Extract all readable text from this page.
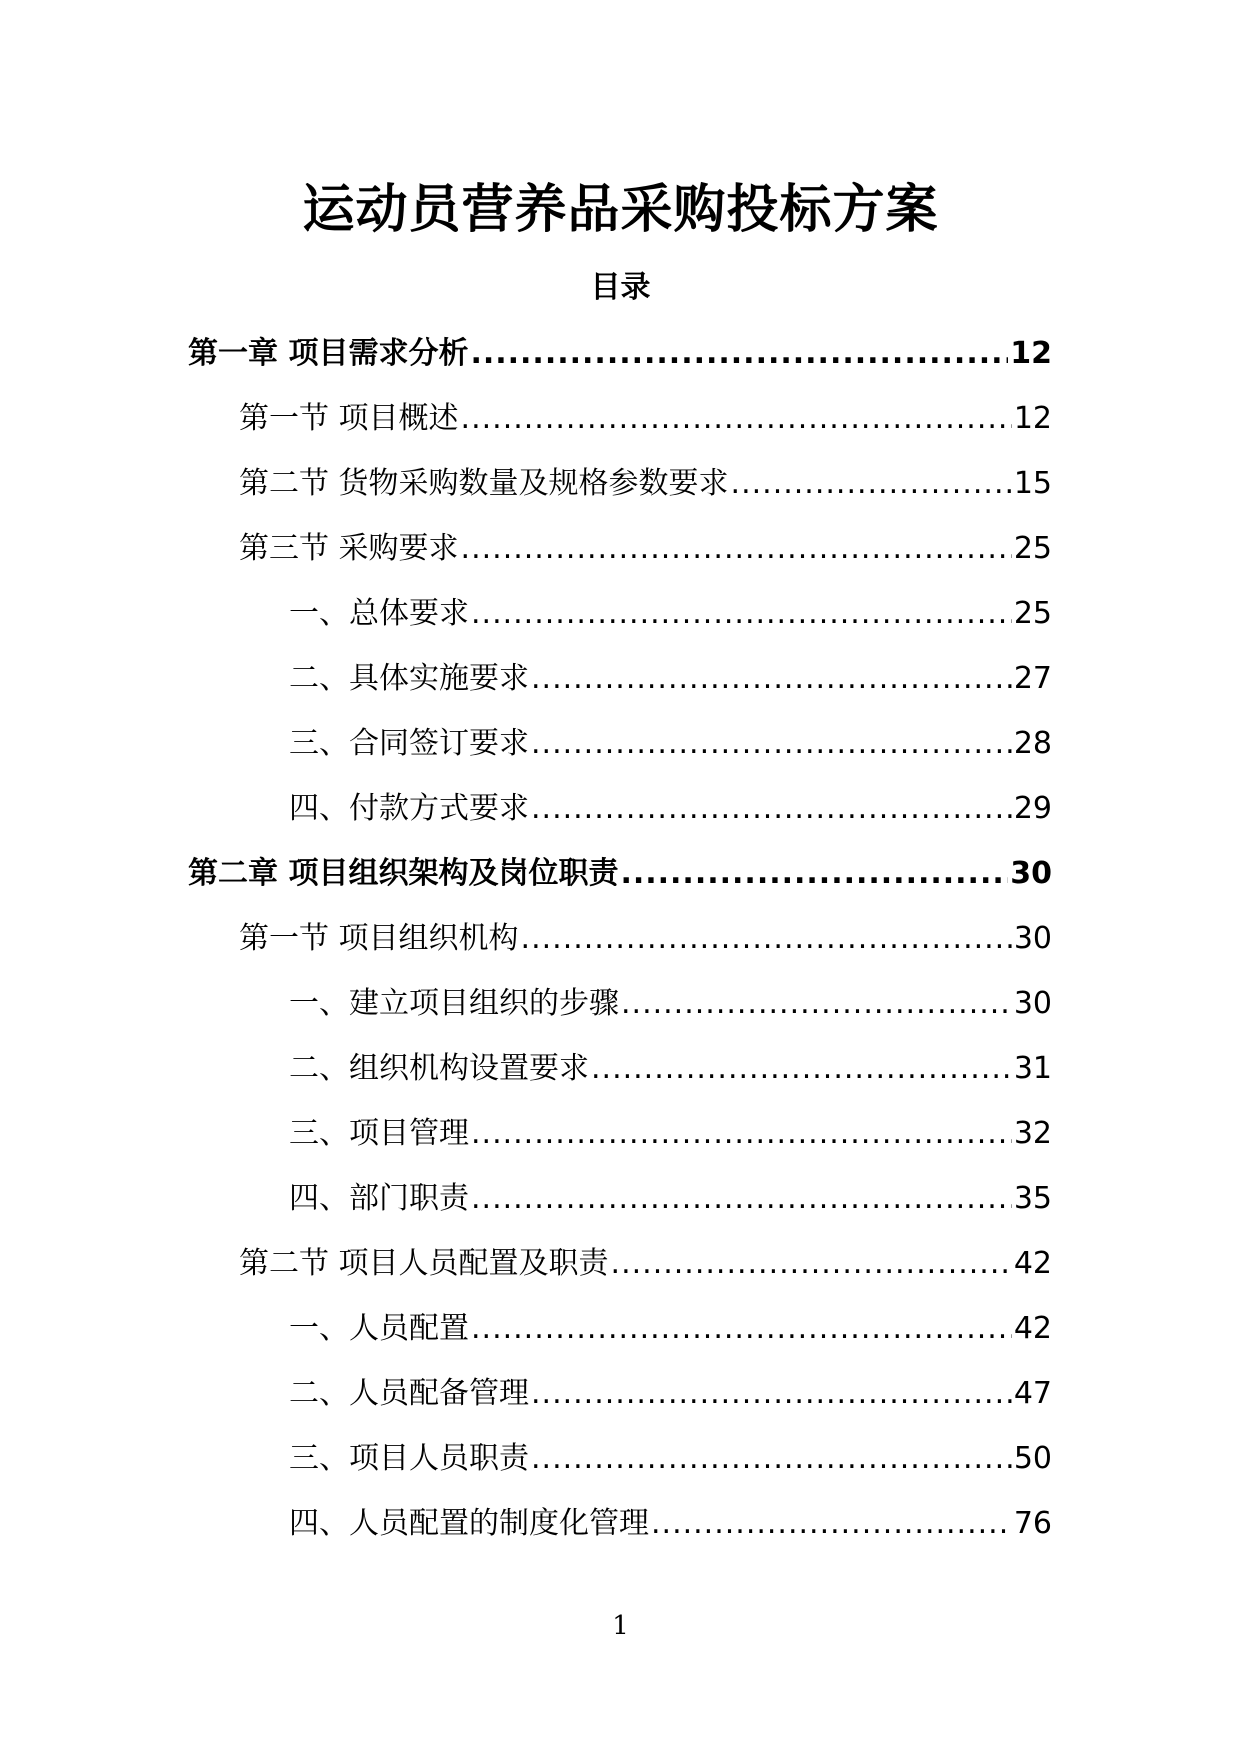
运动员营养品采购投标方案
目录
第一章 项目需求分析 .....	12
第一节 项目概述 .....	12
第二节 货物采购数量及规格参数要求 .....	15
第三节 采购要求 .....	25
一、总体要求 .....	25
二、具体实施要求 .....	27
三、合同签订要求 .....	28
四、付款方式要求 .....	29
第二章 项目组织架构及岗位职责 .....	30
第一节 项目组织机构 .....	30
一、建立项目组织的步骤 .....	30
二、组织机构设置要求 .....	31
三、项目管理 .....	32
四、部门职责 .....	35
第二节 项目人员配置及职责 .....	42
一、人员配置 .....	42
二、人员配备管理 .....	47
三、项目人员职责 .....	50
四、人员配置的制度化管理 .....	76
1
